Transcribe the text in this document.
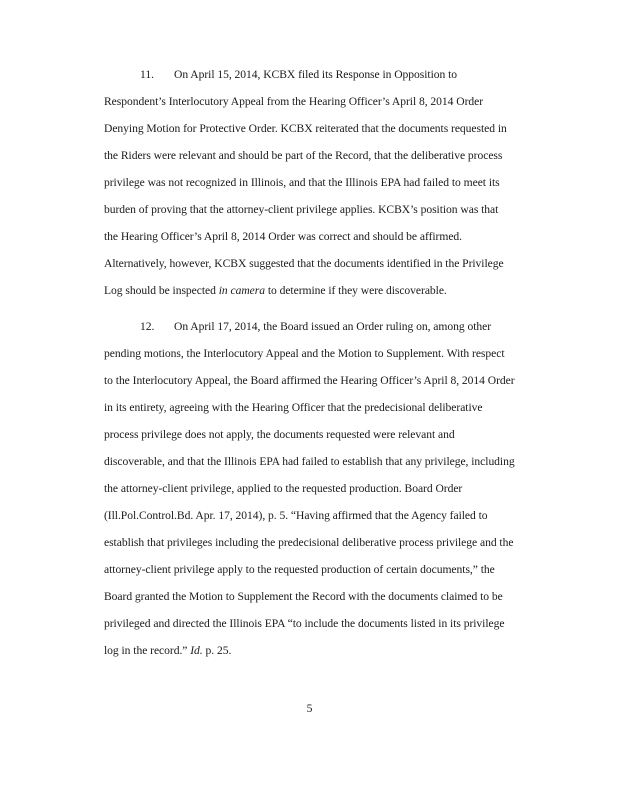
11. On April 15, 2014, KCBX filed its Response in Opposition to
Respondent’s Interlocutory Appeal from the Hearing Officer’s April 8, 2014 Order
Denying Motion for Protective Order. KCBX reiterated that the documents requested in
the Riders were relevant and should be part of the Record, that the deliberative process
privilege was not recognized in Illinois, and that the Illinois EPA had failed to meet its
burden of proving that the attorney-client privilege applies. KCBX’s position was that
the Hearing Officer’s April 8, 2014 Order was correct and should be affirmed.
Alternatively, however, KCBX suggested that the documents identified in the Privilege
Log should be inspected in camera to determine if they were discoverable.
12. On April 17, 2014, the Board issued an Order ruling on, among other
pending motions, the Interlocutory Appeal and the Motion to Supplement. With respect
to the Interlocutory Appeal, the Board affirmed the Hearing Officer’s April 8, 2014 Order
in its entirety, agreeing with the Hearing Officer that the predecisional deliberative
process privilege does not apply, the documents requested were relevant and
discoverable, and that the Illinois EPA had failed to establish that any privilege, including
the attorney-client privilege, applied to the requested production. Board Order
(Ill.Pol.Control.Bd. Apr. 17, 2014), p. 5. “Having affirmed that the Agency failed to
establish that privileges including the predecisional deliberative process privilege and the
attorney-client privilege apply to the requested production of certain documents,” the
Board granted the Motion to Supplement the Record with the documents claimed to be
privileged and directed the Illinois EPA “to include the documents listed in its privilege
log in the record.” Id. p. 25.
5
